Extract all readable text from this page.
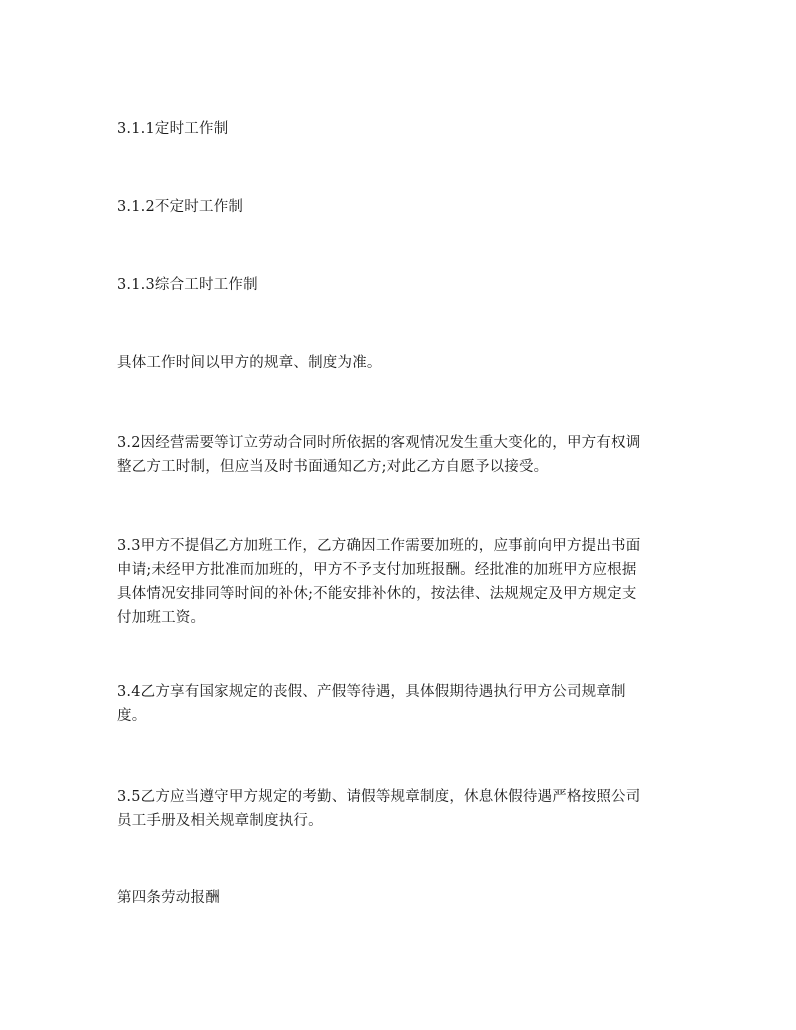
3.1.1定时工作制

3.1.2不定时工作制

3.1.3综合工时工作制

具体工作时间以甲方的规章、制度为准。

3.2因经营需要等订立劳动合同时所依据的客观情况发生重大变化的，甲方有权调
整乙方工时制，但应当及时书面通知乙方;对此乙方自愿予以接受。

3.3甲方不提倡乙方加班工作，乙方确因工作需要加班的，应事前向甲方提出书面
申请;未经甲方批准而加班的，甲方不予支付加班报酬。经批准的加班甲方应根据
具体情况安排同等时间的补休;不能安排补休的，按法律、法规规定及甲方规定支
付加班工资。

3.4乙方享有国家规定的丧假、产假等待遇，具体假期待遇执行甲方公司规章制
度。

3.5乙方应当遵守甲方规定的考勤、请假等规章制度，休息休假待遇严格按照公司
员工手册及相关规章制度执行。

第四条劳动报酬
